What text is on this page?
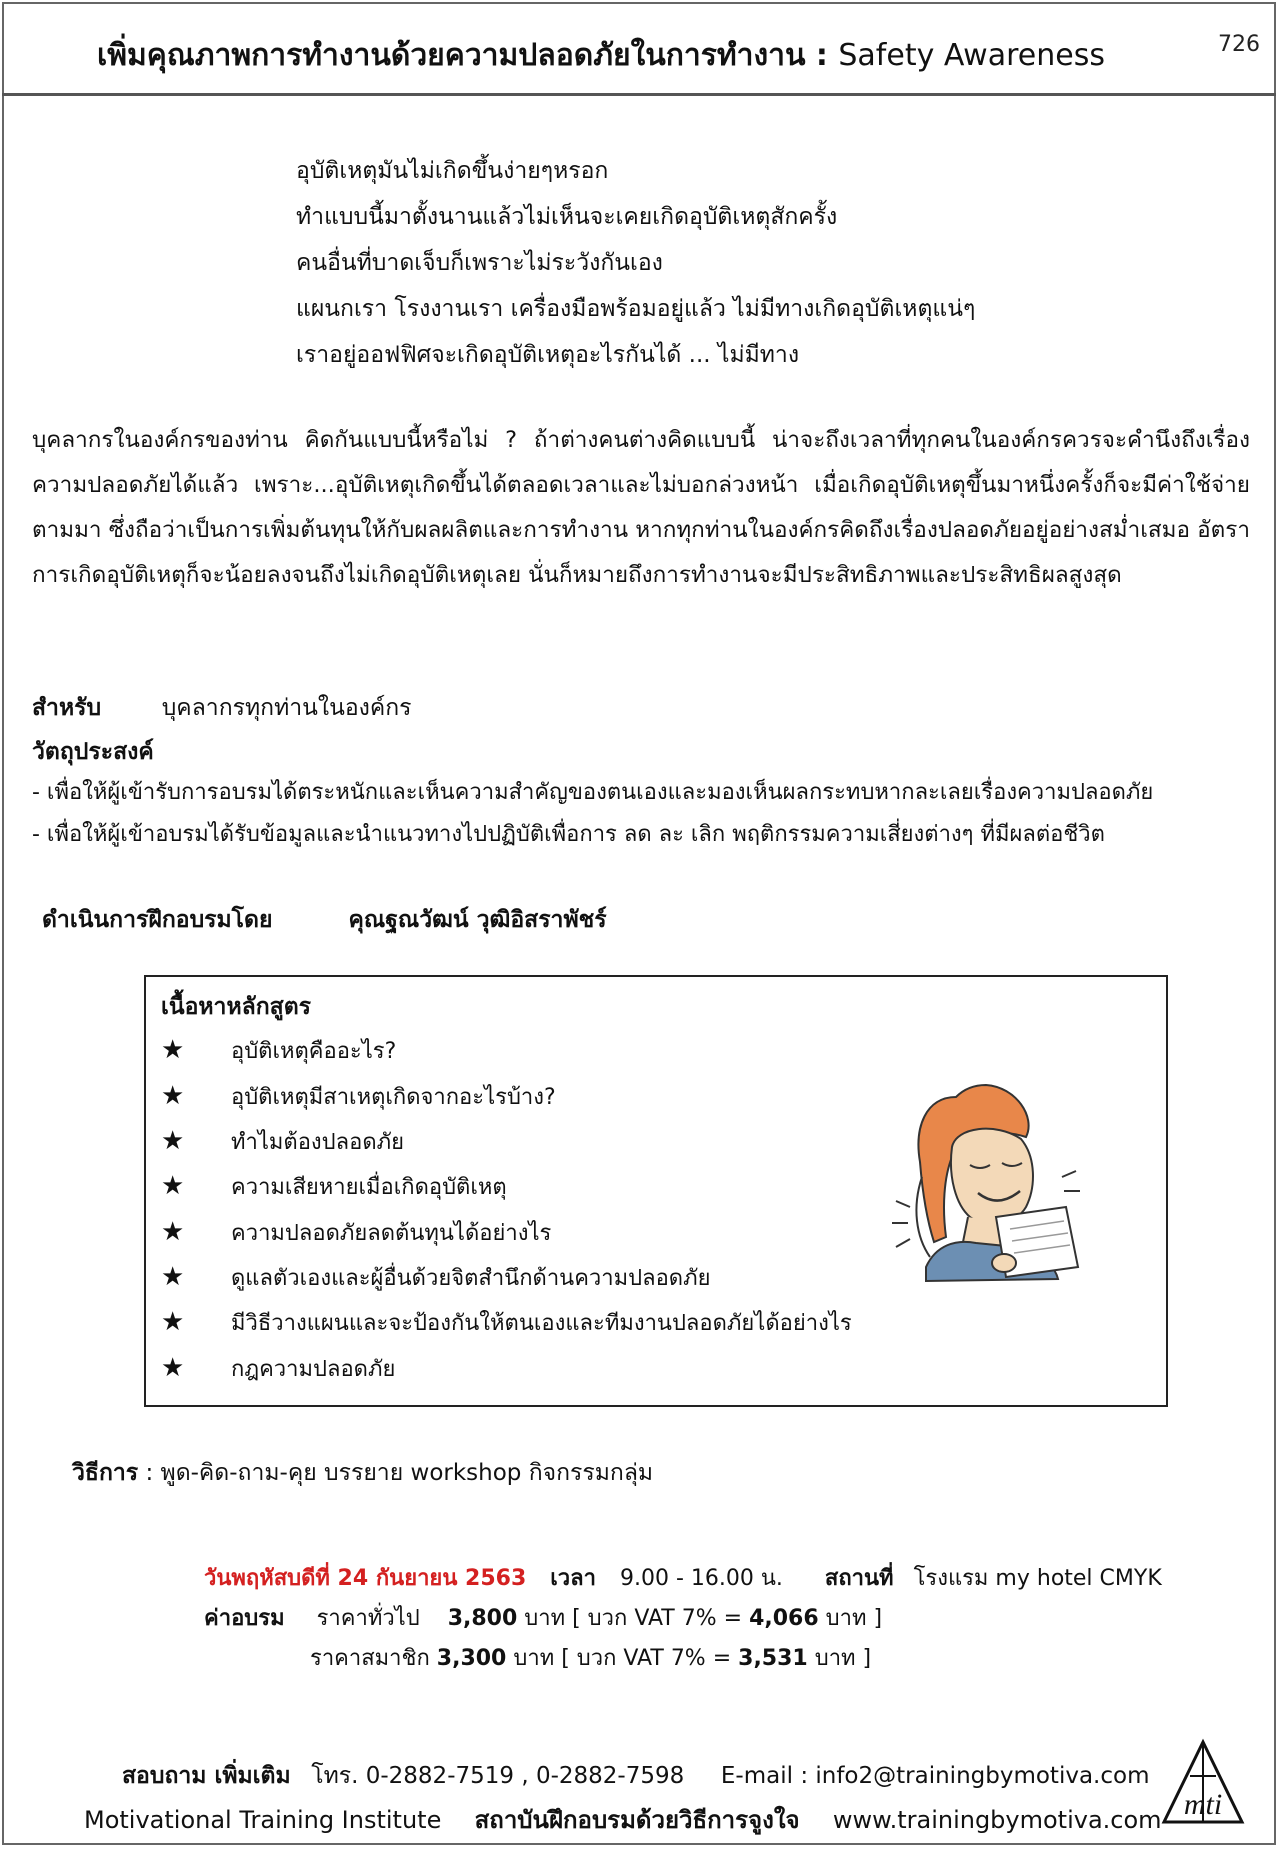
เพิ่มคุณภาพการทำงานด้วยความปลอดภัยในการทำงาน : Safety Awareness	726
อุบัติเหตุมันไม่เกิดขึ้นง่ายๆหรอก
ทำแบบนี้มาตั้งนานแล้วไม่เห็นจะเคยเกิดอุบัติเหตุสักครั้ง
คนอื่นที่บาดเจ็บก็เพราะไม่ระวังกันเอง
แผนกเรา โรงงานเรา เครื่องมือพร้อมอยู่แล้ว ไม่มีทางเกิดอุบัติเหตุแน่ๆ
เราอยู่ออฟฟิศจะเกิดอุบัติเหตุอะไรกันได้ ... ไม่มีทาง
บุคลากรในองค์กรของท่าน คิดกันแบบนี้หรือไม่ ? ถ้าต่างคนต่างคิดแบบนี้ น่าจะถึงเวลาที่ทุกคนในองค์กรควรจะคำนึงถึงเรื่องความปลอดภัยได้แล้ว เพราะ...อุบัติเหตุเกิดขึ้นได้ตลอดเวลาและไม่บอกล่วงหน้า เมื่อเกิดอุบัติเหตุขึ้นมาหนึ่งครั้งก็จะมีค่าใช้จ่ายตามมา ซึ่งถือว่าเป็นการเพิ่มต้นทุนให้กับผลผลิตและการทำงาน หากทุกท่านในองค์กรคิดถึงเรื่องปลอดภัยอยู่อย่างสม่ำเสมอ อัตราการเกิดอุบัติเหตุก็จะน้อยลงจนถึงไม่เกิดอุบัติเหตุเลย นั่นก็หมายถึงการทำงานจะมีประสิทธิภาพและประสิทธิผลสูงสุด
สำหรับ	บุคลากรทุกท่านในองค์กร
วัตถุประสงค์
- เพื่อให้ผู้เข้ารับการอบรมได้ตระหนักและเห็นความสำคัญของตนเองและมองเห็นผลกระทบหากละเลยเรื่องความปลอดภัย
- เพื่อให้ผู้เข้าอบรมได้รับข้อมูลและนำแนวทางไปปฏิบัติเพื่อการ ลด ละ เลิก พฤติกรรมความเสี่ยงต่างๆ ที่มีผลต่อชีวิต
ดำเนินการฝึกอบรมโดย	คุณฐณวัฒน์ วุฒิอิสราพัชร์
เนื้อหาหลักสูตร
★ อุบัติเหตุคืออะไร?
★ อุบัติเหตุมีสาเหตุเกิดจากอะไรบ้าง?
★ ทำไมต้องปลอดภัย
★ ความเสียหายเมื่อเกิดอุบัติเหตุ
★ ความปลอดภัยลดต้นทุนได้อย่างไร
★ ดูแลตัวเองและผู้อื่นด้วยจิตสำนึกด้านความปลอดภัย
★ มีวิธีวางแผนและจะป้องกันให้ตนเองและทีมงานปลอดภัยได้อย่างไร
★ กฎความปลอดภัย
วิธีการ : พูด-คิด-ถาม-คุย บรรยาย workshop กิจกรรมกลุ่ม
วันพฤหัสบดีที่ 24 กันยายน 2563 เวลา 9.00 - 16.00 น. สถานที่ โรงแรม my hotel CMYK
ค่าอบรม ราคาทั่วไป 3,800 บาท [ บวก VAT 7% = 4,066 บาท ]
ราคาสมาชิก 3,300 บาท [ บวก VAT 7% = 3,531 บาท ]
สอบถาม เพิ่มเติม โทร. 0-2882-7519 , 0-2882-7598 E-mail : info2@trainingbymotiva.com
Motivational Training Institute สถาบันฝึกอบรมด้วยวิธีการจูงใจ www.trainingbymotiva.com mti
